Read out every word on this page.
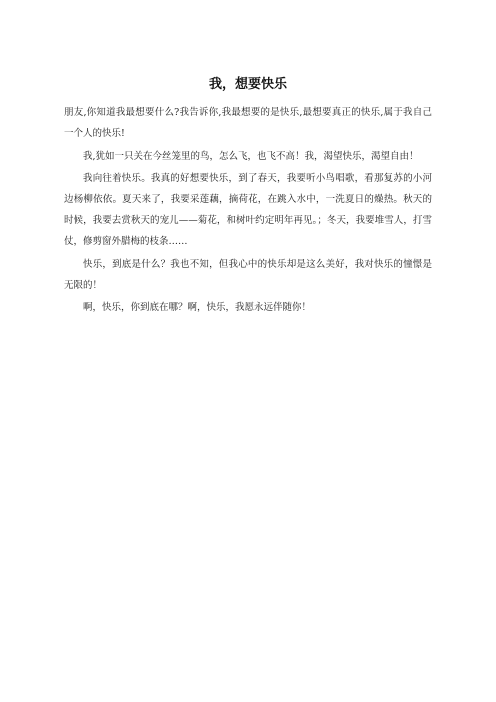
我，想要快乐

朋友,你知道我最想要什么?我告诉你,我最想要的是快乐,最想要真正的快乐,属于我自己一个人的快乐!

我,犹如一只关在今丝笼里的鸟，怎么飞，也飞不高！我，渴望快乐，渴望自由！

我向往着快乐。我真的好想要快乐，到了春天，我要听小鸟唱歌，看那复苏的小河边杨柳依依。夏天来了，我要采莲藕，摘荷花，在跳入水中，一洗夏日的燥热。秋天的时候，我要去赏秋天的宠儿——菊花，和树叶约定明年再见。；冬天，我要堆雪人，打雪仗，修剪窗外腊梅的枝条……

快乐，到底是什么？我也不知，但我心中的快乐却是这么美好，我对快乐的憧憬是无限的！

啊，快乐，你到底在哪？啊，快乐，我愿永远伴随你！
